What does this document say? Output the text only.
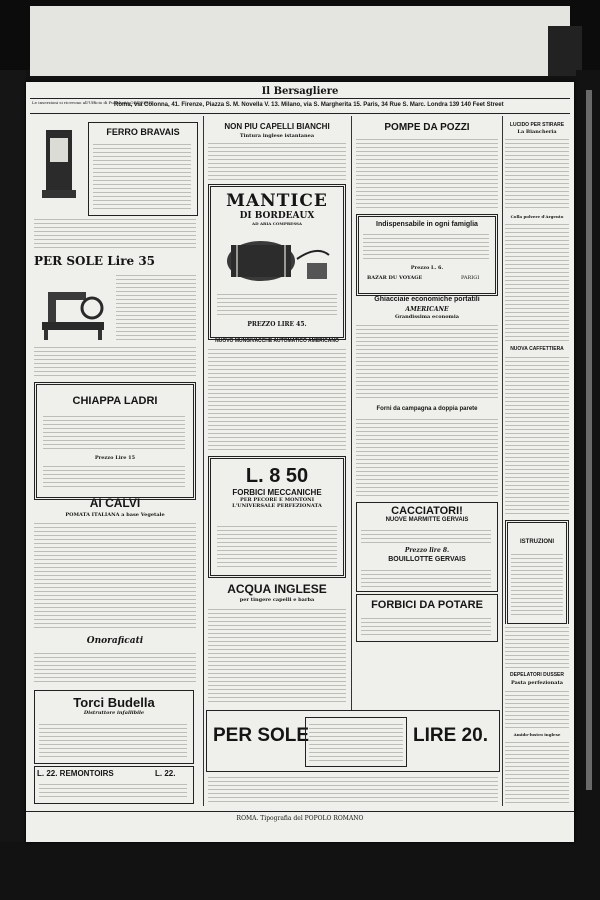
Il Bersagliere
Le inserzioni si ricevono all'Ufficio di Pubblicità OBLIEGHT
Roma, via Colonna, 41. Firenze, Piazza S. M. Novella V. 13. Milano, via S. Margherita 15. Paris, 34 Rue S. Marc. Londra 139 140 Feet Street
FERRO BRAVAIS
PER SOLE Lire 35
CHIAPPA LADRI
Prezzo Lire 15
AI CALVI
POMATA ITALIANA a base Vegetale
Onoraficati
Torci Budella
Distruttore infallibile
L. 22. REMONTOIRS	L. 22.
NON PIU CAPELLI BIANCHI
Tintura inglese istantanea
MANTICE
DI BORDEAUX
AD ARIA COMPRESSA
PREZZO LIRE 45.
NUOVO MUNGIVACCHE AUTOMATICO AMERICANO
L. 8 50
FORBICI MECCANICHE
PER PECORE E MONTONI
L'UNIVERSALE PERFEZIONATA
ACQUA INGLESE
per tingere capelli e barba
POMPE DA POZZI
Indispensabile in ogni famiglia
Prezzo L. 6.
BAZAR DU VOYAGE	PARIGI
Ghiacciaie economiche portatili
AMERICANE
Grandissima economia
Forni da campagna a doppia parete
CACCIATORI!
NUOVE MARMITTE GERVAIS
Prezzo lire 8.
BOUILLOTTE GERVAIS
FORBICI DA POTARE
LUCIDO PER STIRARE
La Biancheria
Colla polvere d'Argento
NUOVA CAFFETTIERA
ISTRUZIONI
DEPELATORI DUSSER
Pasta perfezionata
Amido-lustro inglese
PER SOLE	LIRE 20.
ROMA. Tipografia del POPOLO ROMANO
